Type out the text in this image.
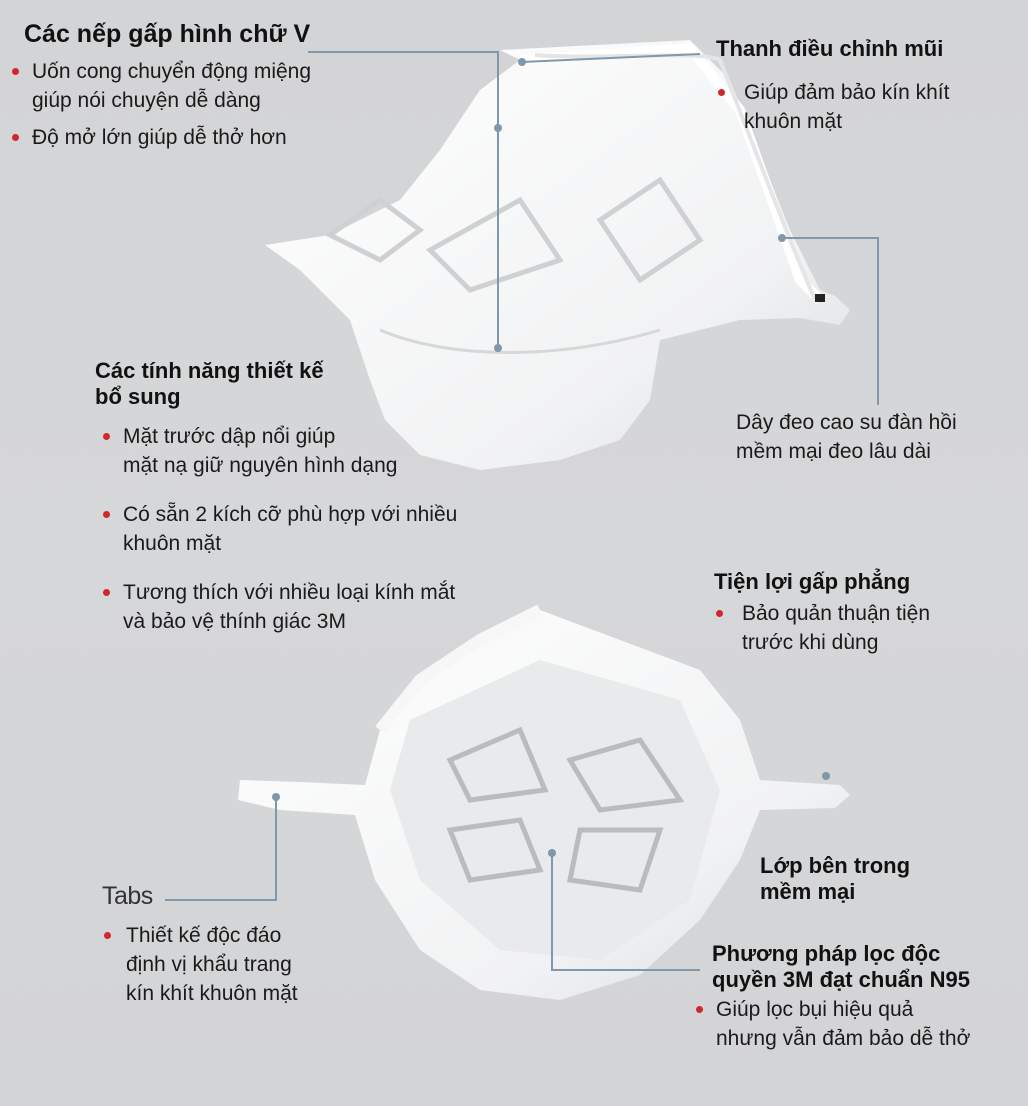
Các nếp gấp hình chữ V
Uốn cong chuyển động miệng
giúp nói chuyện dễ dàng
Độ mở lớn giúp dễ thở hơn
Thanh điều chỉnh mũi
Giúp đảm bảo kín khít
khuôn mặt
Các tính năng thiết kế
bổ sung
Mặt trước dập nổi giúp
mặt nạ giữ nguyên hình dạng
Có sẵn 2 kích cỡ phù hợp với nhiều
khuôn mặt
Tương thích với nhiều loại kính mắt
và bảo vệ thính giác 3M
Dây đeo cao su đàn hồi
mềm mại đeo lâu dài
Tiện lợi gấp phẳng
Bảo quản thuận tiện
trước khi dùng
Tabs
Thiết kế độc đáo
định vị khẩu trang
kín khít khuôn mặt
Lớp bên trong
mềm mại
Phương pháp lọc độc
quyền 3M đạt chuẩn N95
Giúp lọc bụi hiệu quả
nhưng vẫn đảm bảo dễ thở
